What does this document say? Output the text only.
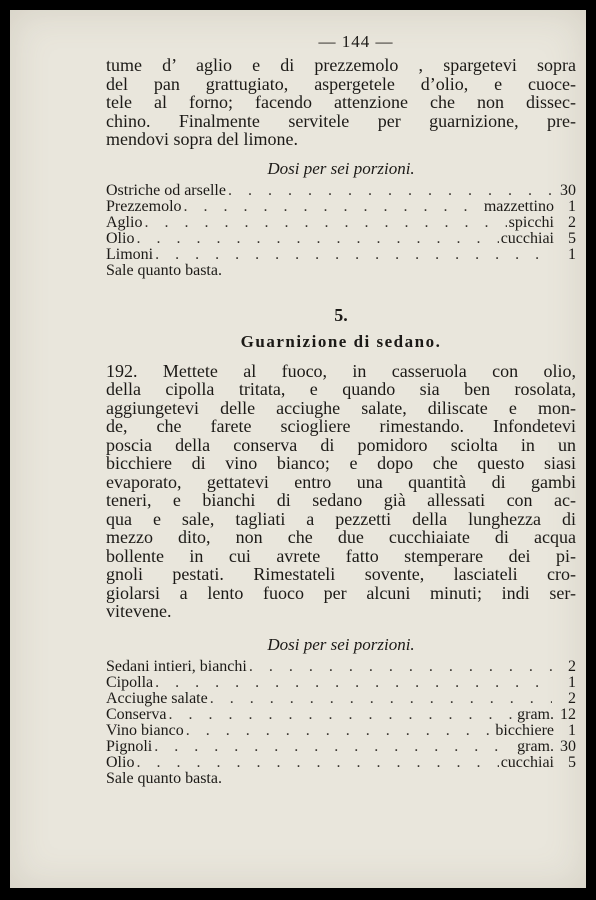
— 144 —
tume d’ aglio e di prezzemolo , spargetevi sopra
del pan grattugiato, aspergetele d’olio, e cuoce-
tele al forno; facendo attenzione che non dissec-
chino. Finalmente servitele per guarnizione, pre-
mendovi sopra del limone.
Dosi per sei porzioni.
Ostriche od arselle . . .	30
Prezzemolo . . .	mazzettino 1
Aglio . . .	spicchi 2
Olio . . .	cucchiai 5
Limoni . . .	1
Sale quanto basta.
5.
Guarnizione di sedano.
192. Mettete al fuoco, in casseruola con olio,
della cipolla tritata, e quando sia ben rosolata,
aggiungetevi delle acciughe salate, diliscate e mon-
de, che farete sciogliere rimestando. Infondetevi
poscia della conserva di pomidoro sciolta in un
bicchiere di vino bianco; e dopo che questo siasi
evaporato, gettatevi entro una quantità di gambi
teneri, e bianchi di sedano già allessati con ac-
qua e sale, tagliati a pezzetti della lunghezza di
mezzo dito, non che due cucchiaiate di acqua
bollente in cui avrete fatto stemperare dei pi-
gnoli pestati. Rimestateli sovente, lasciateli cro-
giolarsi a lento fuoco per alcuni minuti; indi ser-
vitevene.
Dosi per sei porzioni.
Sedani intieri, bianchi . . .	2
Cipolla . . .	1
Acciughe salate . . .	2
Conserva . . .	gram. 12
Vino bianco . . .	bicchiere 1
Pignoli . . .	gram. 30
Olio . . .	cucchiai 5
Sale quanto basta.
